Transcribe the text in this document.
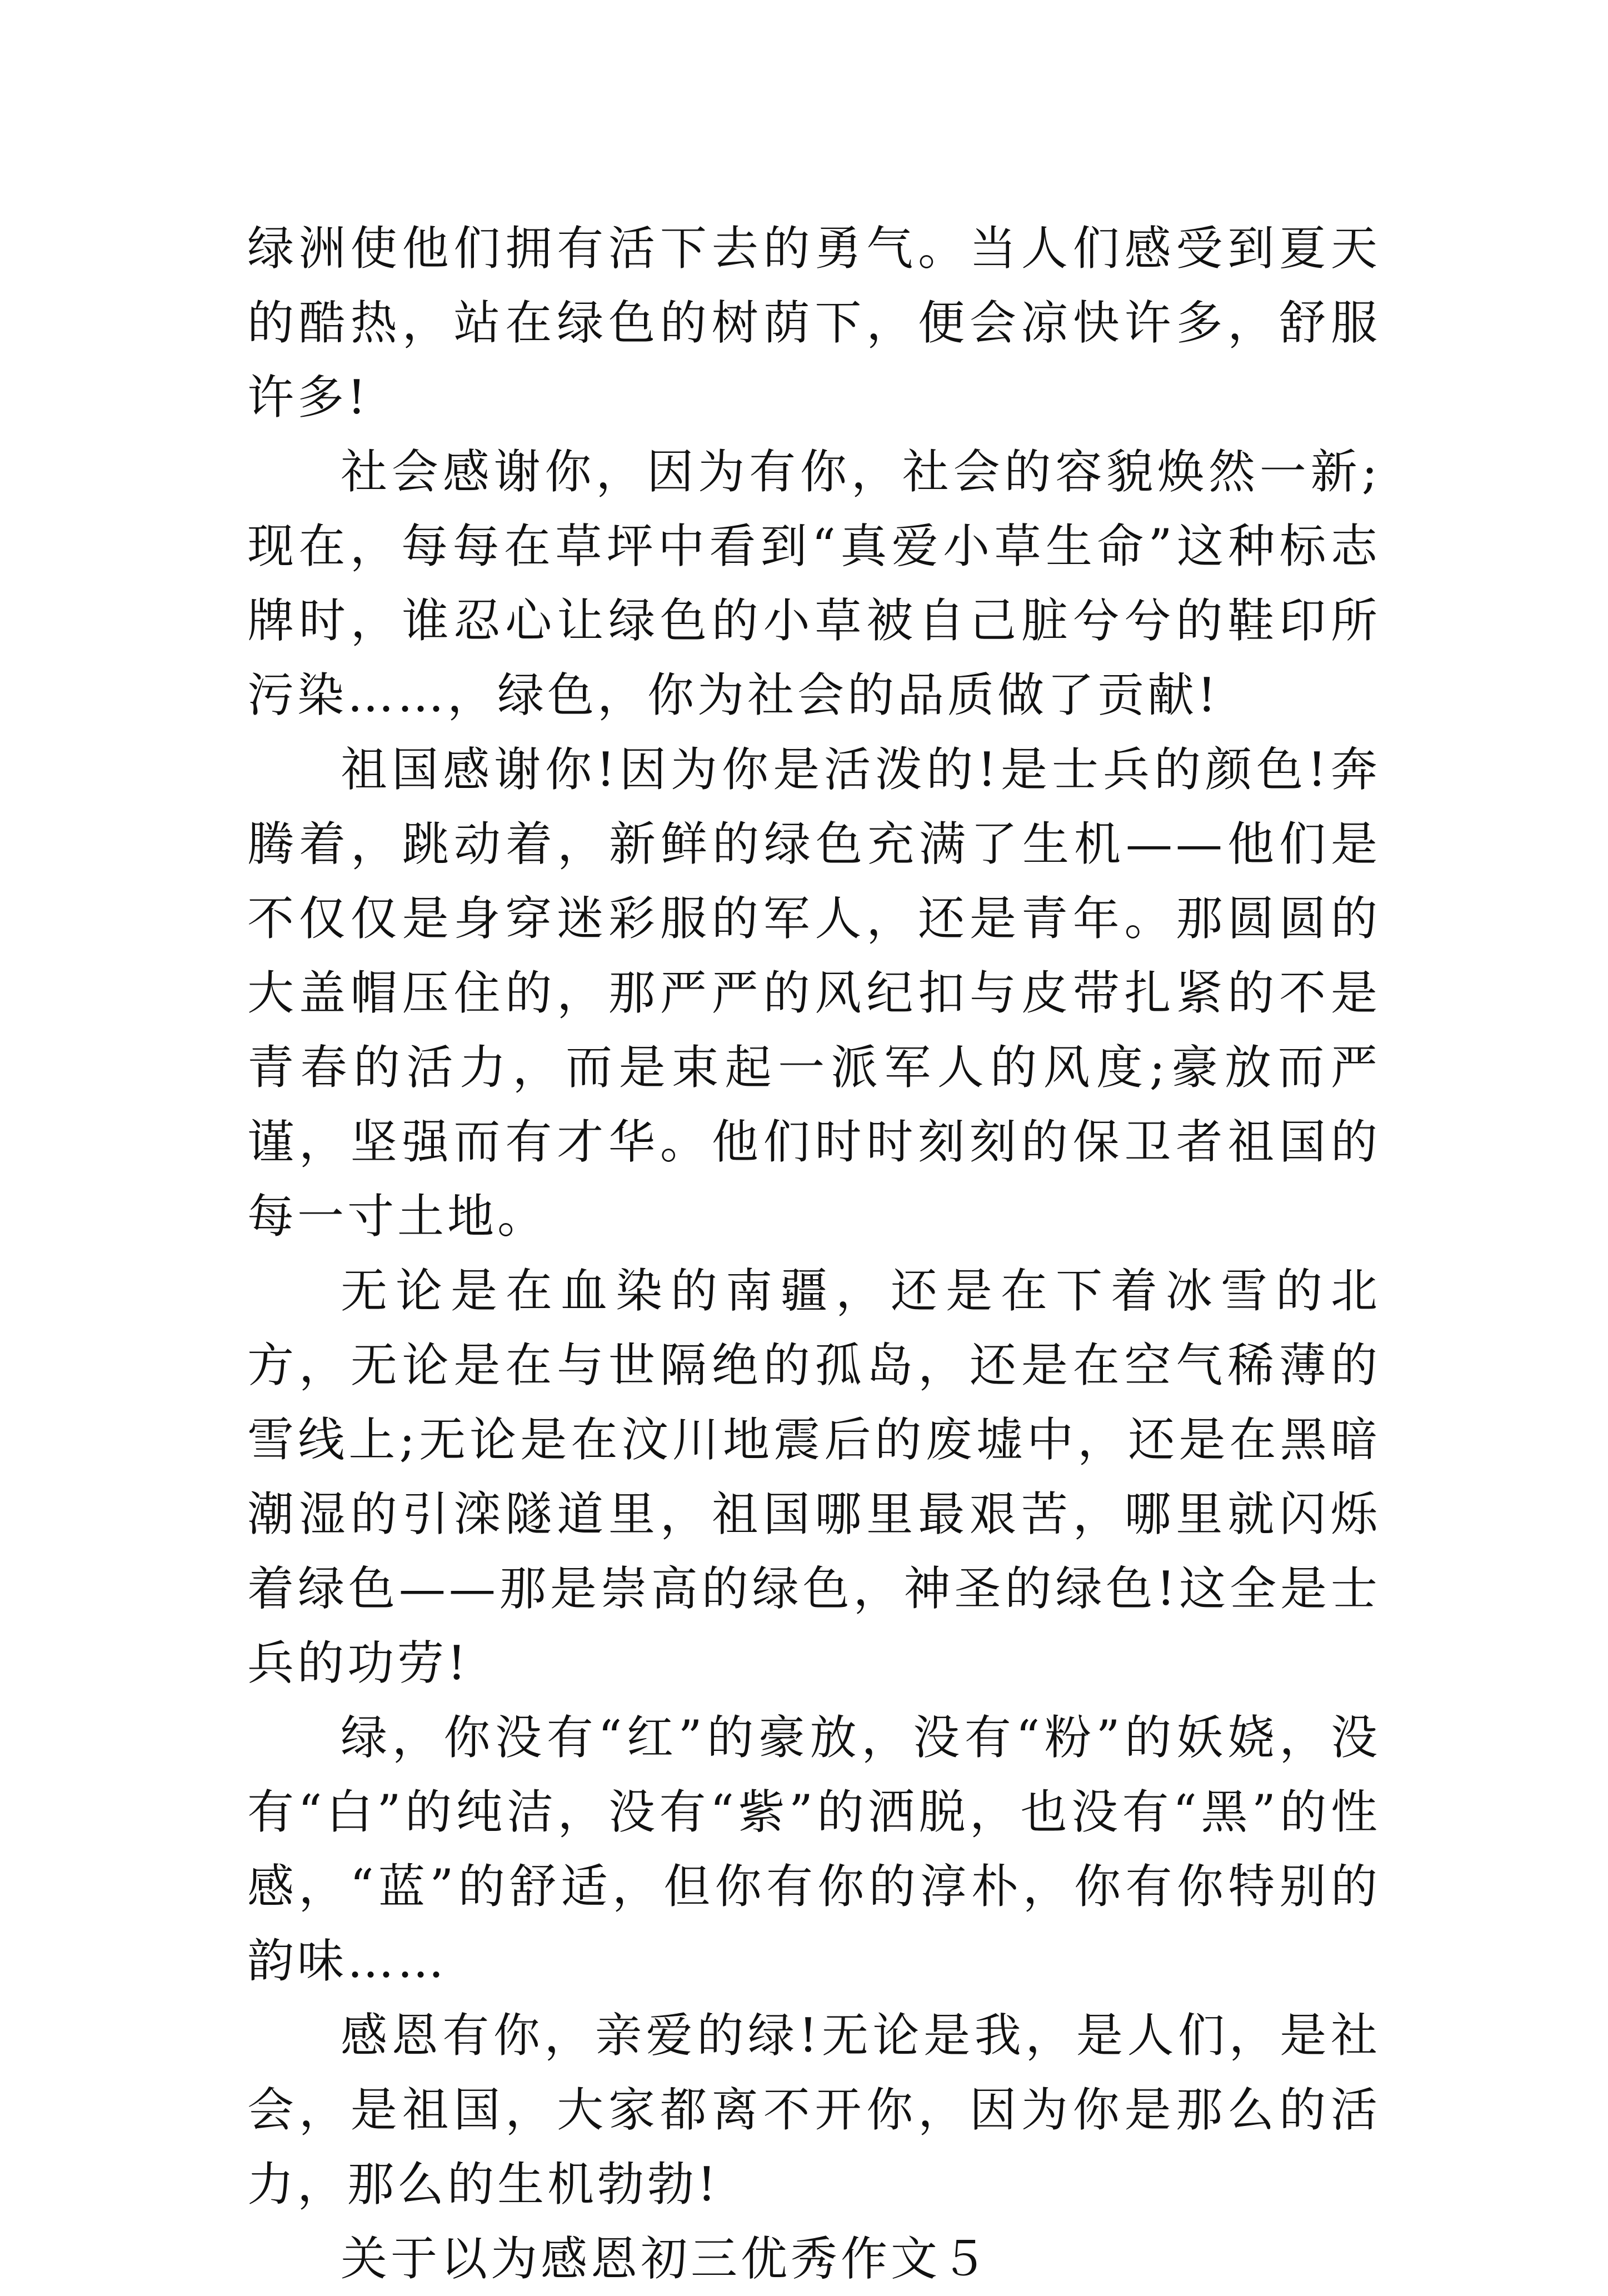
绿洲使他们拥有活下去的勇气。当人们感受到夏天的酷热，站在绿色的树荫下，便会凉快许多，舒服许多!

社会感谢你，因为有你，社会的容貌焕然一新;现在，每每在草坪中看到“真爱小草生命”这种标志牌时，谁忍心让绿色的小草被自己脏兮兮的鞋印所污染……，绿色，你为社会的品质做了贡献!

祖国感谢你!因为你是活泼的!是士兵的颜色!奔腾着，跳动着，新鲜的绿色充满了生机——他们是不仅仅是身穿迷彩服的军人，还是青年。那圆圆的大盖帽压住的，那严严的风纪扣与皮带扎紧的不是青春的活力，而是束起一派军人的风度;豪放而严谨，坚强而有才华。他们时时刻刻的保卫者祖国的每一寸土地。

无论是在血染的南疆，还是在下着冰雪的北方，无论是在与世隔绝的孤岛，还是在空气稀薄的雪线上;无论是在汶川地震后的废墟中，还是在黑暗潮湿的引滦隧道里，祖国哪里最艰苦，哪里就闪烁着绿色——那是崇高的绿色，神圣的绿色!这全是士兵的功劳!

绿，你没有“红”的豪放，没有“粉”的妖娆，没有“白”的纯洁，没有“紫”的洒脱，也没有“黑”的性感，“蓝”的舒适，但你有你的淳朴，你有你特别的韵味……

感恩有你，亲爱的绿!无论是我，是人们，是社会，是祖国，大家都离不开你，因为你是那么的活力，那么的生机勃勃!

关于以为感恩初三优秀作文５
